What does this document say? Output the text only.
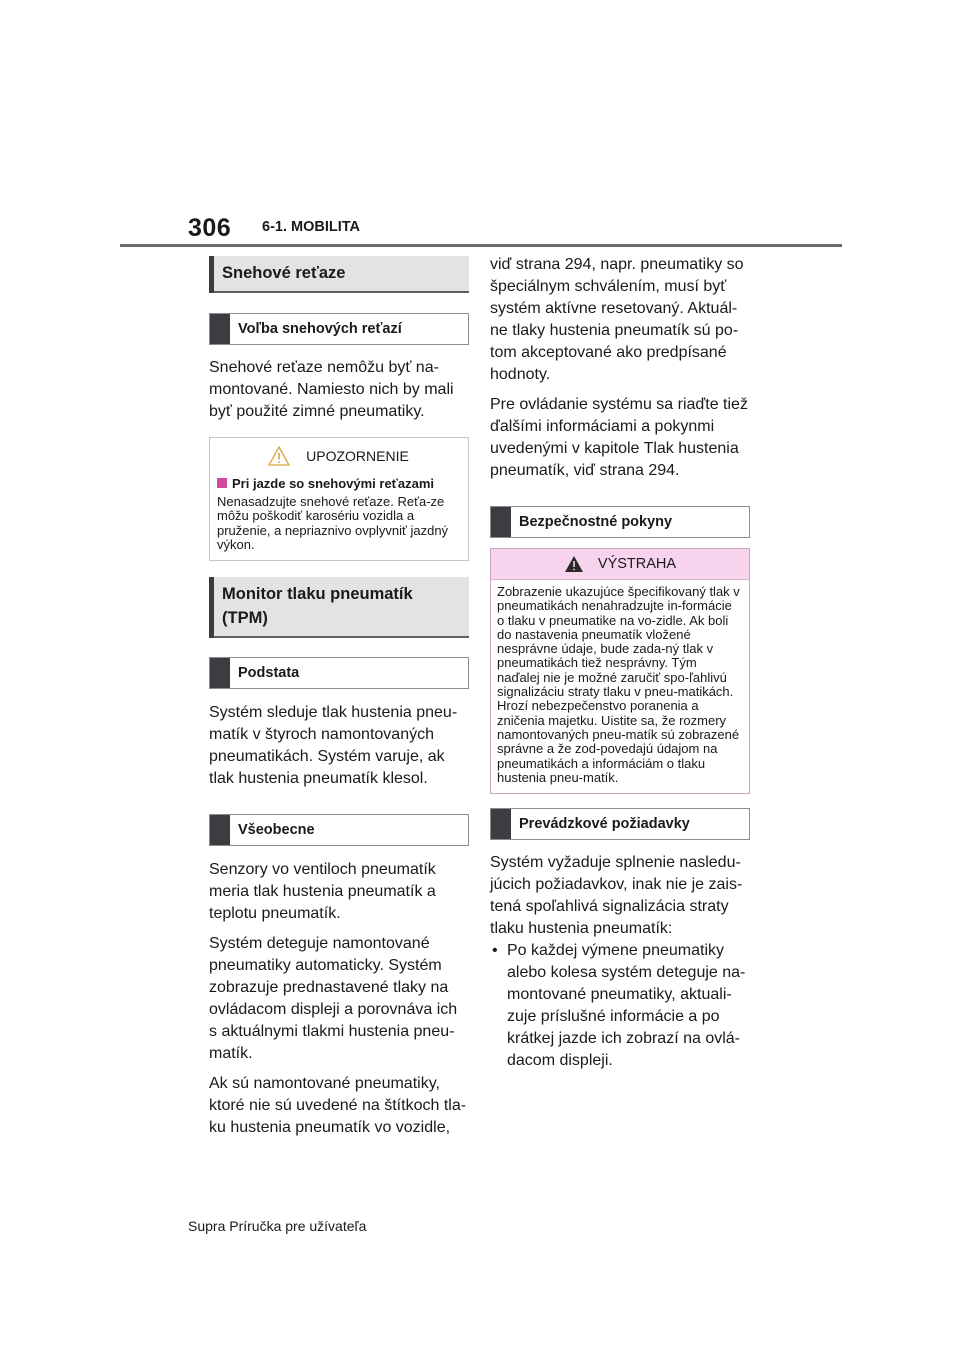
306 6-1. MOBILITA
Snehové reťaze
Voľba snehových reťazí

Snehové reťaze nemôžu byť na-montované. Namiesto nich by mali byť použité zimné pneumatiky.

UPOZORNENIE
Pri jazde so snehovými reťazami
Nenasadzujte snehové reťaze. Reťa-ze môžu poškodiť karosériu vozidla a pruženie, a nepriaznivo ovplyvniť jazdný výkon.
Monitor tlaku pneumatík (TPM)
Podstata

Systém sleduje tlak hustenia pneu-matík v štyroch namontovaných pneumatikách. Systém varuje, ak tlak hustenia pneumatík klesol.

Všeobecne

Senzory vo ventiloch pneumatík meria tlak hustenia pneumatík a teplotu pneumatík.

Systém deteguje namontované pneumatiky automaticky. Systém zobrazuje prednastavené tlaky na ovládacom displeji a porovnáva ich s aktuálnymi tlakmi hustenia pneu-matík.

Ak sú namontované pneumatiky, ktoré nie sú uvedené na štítkoch tla-ku hustenia pneumatík vo vozidle,

viď strana 294, napr. pneumatiky so špeciálnym schválením, musí byť systém aktívne resetovaný. Aktuál-ne tlaky hustenia pneumatík sú po-tom akceptované ako predpísané hodnoty.

Pre ovládanie systému sa riaďte tiež ďalšími informáciami a pokynmi uvedenými v kapitole Tlak hustenia pneumatík, viď strana 294.

Bezpečnostné pokyny
VÝSTRAHA
Zobrazenie ukazujúce špecifikovaný tlak v pneumatikách nenahradzujte in-formácie o tlaku v pneumatike na vo-zidle. Ak boli do nastavenia pneumatík vložené nesprávne údaje, bude zada-ný tlak v pneumatikách tiež nesprávny. Tým naďalej nie je možné zaručiť spo-ľahlivú signalizáciu straty tlaku v pneu-matikách. Hrozí nebezpečenstvo poranenia a zničenia majetku. Uistite sa, že rozmery namontovaných pneu-matík sú zobrazené správne a že zod-povedajú údajom na pneumatikách a informáciám o tlaku hustenia pneu-matík.
Prevádzkové požiadavky

Systém vyžaduje splnenie nasledu-júcich požiadavkov, inak nie je zais-tená spoľahlivá signalizácia straty tlaku hustenia pneumatík:

• Po každej výmene pneumatiky alebo kolesa systém deteguje na-montované pneumatiky, aktuali-zuje príslušné informácie a po krátkej jazde ich zobrazí na ovlá-dacom displeji.
Supra Príručka pre užívateľa
